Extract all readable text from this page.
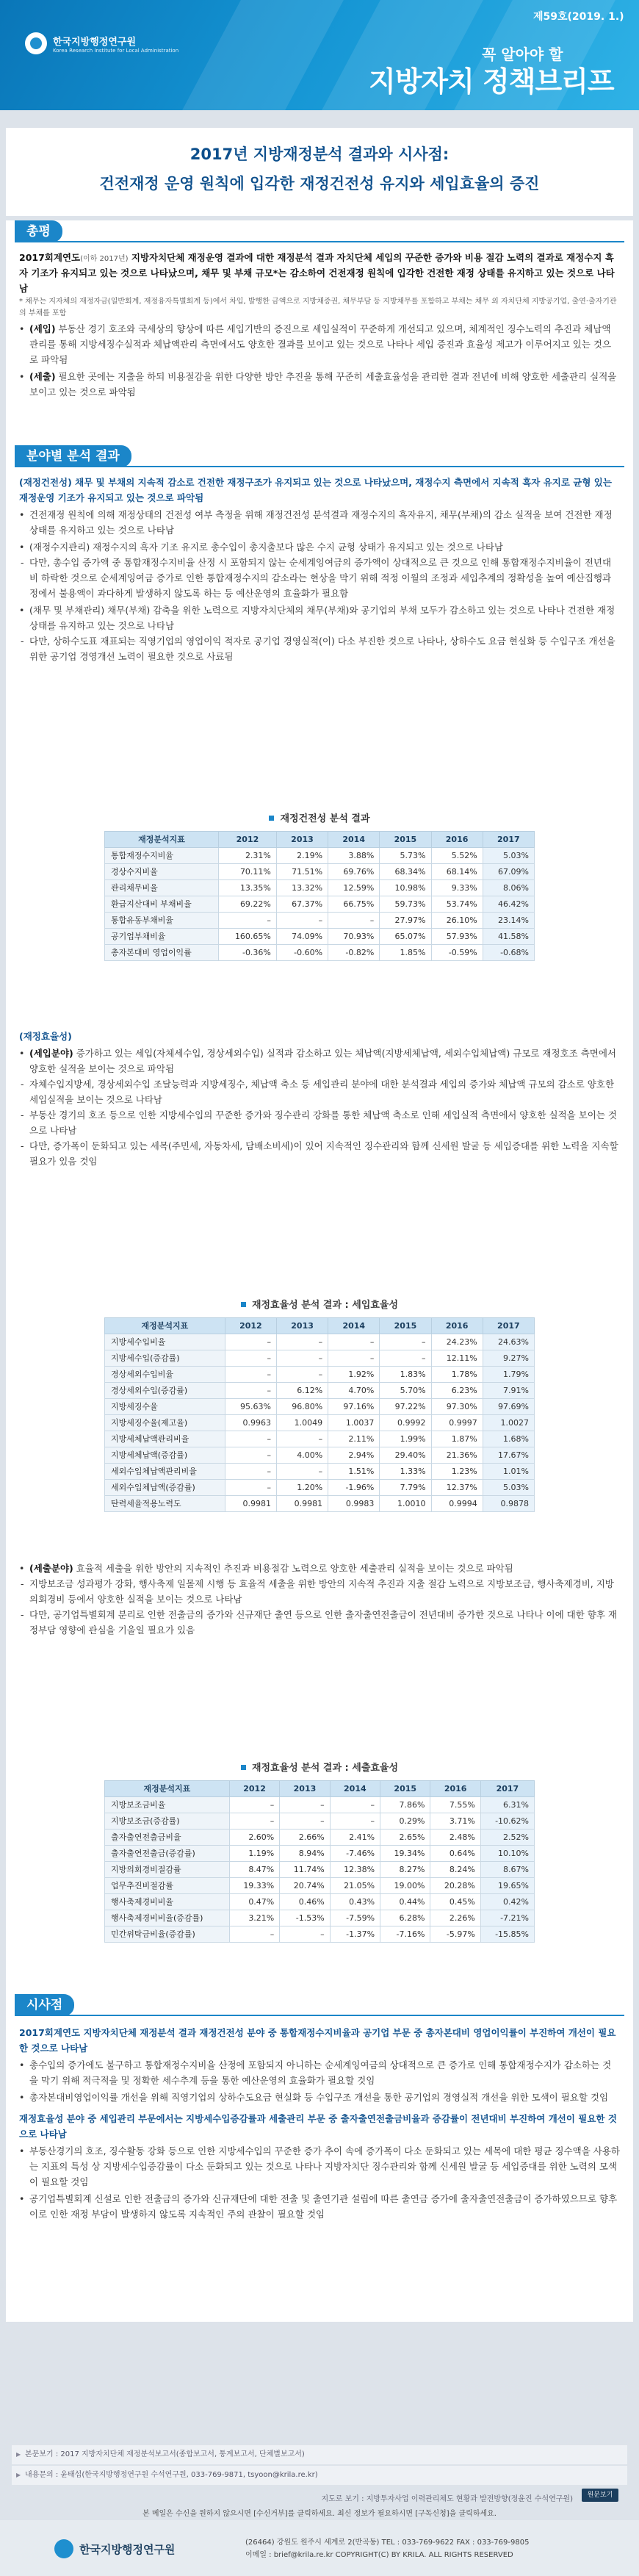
제59호(2019. 1.)
한국지방행정연구원
Korea Research Institute for Local Administration	꼭 알아야 할
지방자치 정책브리프
2017년 지방재정분석 결과와 시사점:
건전재정 운영 원칙에 입각한 재정건전성 유지와 세입효율의 증진
총평
2017회계연도(이하 2017년) 지방자치단체 재정운영 결과에 대한 재정분석 결과 자치단체 세입의 꾸준한 증가와 비용 절감 노력의 결과로 재정수지 흑자 기조가 유지되고 있는 것으로 나타났으며, 채무 및 부채 규모*는 감소하여 건전재정 원칙에 입각한 건전한 재정 상태를 유지하고 있는 것으로 나타남
* 채무는 지자체의 재정자금(일반회계, 재정융자특별회계 등)에서 차입, 발행한 금액으로 지방채증권, 채무부담 등 지방채무를 포함하고 부채는 채무 외 자치단체 지방공기업, 출연·출자기관의 부채를 포함
• (세입) 부동산 경기 호조와 국세상의 향상에 따른 세입기반의 증진으로 세입실적이 꾸준하게 개선되고 있으며, 체계적인 징수노력의 추진과 체납액 관리를 통해 지방세징수실적과 체납액관리 측면에서도 양호한 결과를 보이고 있는 것으로 나타나 세입 증진과 효율성 제고가 이루어지고 있는 것으로 파악됨
• (세출) 필요한 곳에는 지출을 하되 비용절감을 위한 다양한 방안 추진을 통해 꾸준히 세출효율성을 관리한 결과 전년에 비해 양호한 세출관리 실적을 보이고 있는 것으로 파악됨
분야별 분석 결과
(재정건전성) 채무 및 부채의 지속적 감소로 건전한 재정구조가 유지되고 있는 것으로 나타났으며, 재정수지 측면에서 지속적 흑자 유지로 균형 있는 재정운영 기조가 유지되고 있는 것으로 파악됨
• 건전재정 원칙에 의해 재정상태의 건전성 여부 측정을 위해 재정건전성 분석결과 재정수지의 흑자유지, 채무(부채)의 감소 실적을 보여 건전한 재정상태를 유지하고 있는 것으로 나타남
• (재정수지관리) 재정수지의 흑자 기조 유지로 총수입이 총지출보다 많은 수지 균형 상태가 유지되고 있는 것으로 나타남
- 다만, 총수입 증가액 중 통합재정수지비율 산정 시 포함되지 않는 순세계잉여금의 증가액이 상대적으로 큰 것으로 인해 통합재정수지비율이 전년대비 하락한 것으로 순세계잉여금 증가로 인한 통합재정수지의 감소라는 현상을 막기 위해 적정 이월의 조정과 세입추계의 정확성을 높여 예산집행과정에서 불용액이 과다하게 발생하지 않도록 하는 등 예산운영의 효율화가 필요함
• (채무 및 부채관리) 채무(부채) 감축을 위한 노력으로 지방자치단체의 채무(부채)와 공기업의 부채 모두가 감소하고 있는 것으로 나타나 건전한 재정상태를 유지하고 있는 것으로 나타남
- 다만, 상하수도표 재표되는 직영기업의 영업이익 적자로 공기업 경영실적(이) 다소 부진한 것으로 나타나, 상하수도 요금 현실화 등 수입구조 개선을 위한 공기업 경영개선 노력이 필요한 것으로 사료됨
재정건전성 분석 결과
재정분석지표	2012	2013	2014	2015	2016	2017
통합재정수지비율	2.31%	2.19%	3.88%	5.73%	5.52%	5.03%
경상수지비율	70.11%	71.51%	69.76%	68.34%	68.14%	67.09%
관리채무비율	13.35%	13.32%	12.59%	10.98%	9.33%	8.06%
환급지산대비 부채비율	69.22%	67.37%	66.75%	59.73%	53.74%	46.42%
통합유동부채비율	–	–	–	27.97%	26.10%	23.14%
공기업부채비율	160.65%	74.09%	70.93%	65.07%	57.93%	41.58%
총자본대비 영업이익률	-0.36%	-0.60%	-0.82%	1.85%	-0.59%	-0.68%
(재정효율성)
• (세입분야) 증가하고 있는 세입(자체세수입, 경상세외수입) 실적과 감소하고 있는 체납액(지방세체납액, 세외수입체납액) 규모로 재정호조 측면에서 양호한 실적을 보이는 것으로 파악됨
- 자체수입지방세, 경상세외수입 조달능력과 지방세징수, 체납액 축소 등 세입관리 분야에 대한 분석결과 세입의 증가와 체납액 규모의 감소로 양호한 세입실적을 보이는 것으로 나타남
- 부동산 경기의 호조 등으로 인한 지방세수입의 꾸준한 증가와 징수관리 강화를 통한 체납액 축소로 인해 세입실적 측면에서 양호한 실적을 보이는 것으로 나타남
- 다만, 증가폭이 둔화되고 있는 세목(주민세, 자동차세, 담배소비세)이 있어 지속적인 징수관리와 함께 신세원 발굴 등 세입증대를 위한 노력을 지속할 필요가 있음 것임
재정효율성 분석 결과 : 세입효율성
재정분석지표	2012	2013	2014	2015	2016	2017
지방세수입비율	–	–	–	–	24.23%	24.63%
지방세수입(증감률)	–	–	–	–	12.11%	9.27%
경상세외수입비율	–	–	1.92%	1.83%	1.78%	1.79%
경상세외수입(증감률)	–	6.12%	4.70%	5.70%	6.23%	7.91%
지방세징수율	95.63%	96.80%	97.16%	97.22%	97.30%	97.69%
지방세징수율(제고율)	0.9963	1.0049	1.0037	0.9992	0.9997	1.0027
지방세체납액관리비율	–	–	2.11%	1.99%	1.87%	1.68%
지방세체납액(증감률)	–	4.00%	2.94%	29.40%	21.36%	17.67%
세외수입체납액관리비율	–	–	1.51%	1.33%	1.23%	1.01%
세외수입체납액(증감률)	–	1.20%	-1.96%	7.79%	12.37%	5.03%
탄력세율적용노력도	0.9981	0.9981	0.9983	1.0010	0.9994	0.9878
• (세출분야) 효율적 세출을 위한 방안의 지속적인 추진과 비용절감 노력으로 양호한 세출관리 실적을 보이는 것으로 파악됨
- 지방보조금 성과평가 강화, 행사축제 일몰제 시행 등 효율적 세출을 위한 방안의 지속적 추진과 지출 절감 노력으로 지방보조금, 행사축제경비, 지방의회경비 등에서 양호한 실적을 보이는 것으로 나타남
- 다만, 공기업특별회계 분리로 인한 전출금의 증가와 신규재단 출연 등으로 인한 출자출연전출금이 전년대비 증가한 것으로 나타나 이에 대한 향후 재정부담 영향에 관심을 기울일 필요가 있음
재정효율성 분석 결과 : 세출효율성
재정분석지표	2012	2013	2014	2015	2016	2017
지방보조금비율	–	–	–	7.86%	7.55%	6.31%
지방보조금(증감률)	–	–	–	0.29%	3.71%	-10.62%
출자출연전출금비율	2.60%	2.66%	2.41%	2.65%	2.48%	2.52%
출자출연전출금(증감률)	1.19%	8.94%	-7.46%	19.34%	0.64%	10.10%
지방의회경비절감률	8.47%	11.74%	12.38%	8.27%	8.24%	8.67%
업무추진비절감률	19.33%	20.74%	21.05%	19.00%	20.28%	19.65%
행사축제경비비율	0.47%	0.46%	0.43%	0.44%	0.45%	0.42%
행사축제경비비율(증감률)	3.21%	-1.53%	-7.59%	6.28%	2.26%	-7.21%
민간위탁금비율(증감률)	–	–	-1.37%	-7.16%	-5.97%	-15.85%
시사점
2017회계연도 지방자치단체 재정분석 결과 재정건전성 분야 중 통합재정수지비율과 공기업 부문 중 총자본대비 영업이익률이 부진하여 개선이 필요한 것으로 나타남
• 총수입의 증가에도 불구하고 통합재정수지비율 산정에 포함되지 아니하는 순세계잉여금의 상대적으로 큰 증가로 인해 통합재정수지가 감소하는 것을 막기 위해 적극적을 및 정확한 세수추계 등을 통한 예산운영의 효율화가 필요할 것임
• 총자본대비영업이익률 개선을 위해 직영기업의 상하수도요금 현실화 등 수입구조 개선을 통한 공기업의 경영실적 개선을 위한 모색이 필요할 것임
재정효율성 분야 중 세입관리 부문에서는 지방세수입증감률과 세출관리 부문 중 출자출연전출금비율과 증감률이 전년대비 부진하여 개선이 필요한 것으로 나타남
• 부동산경기의 호조, 징수활동 강화 등으로 인한 지방세수입의 꾸준한 증가 추이 속에 증가폭이 다소 둔화되고 있는 세목에 대한 평균 징수액을 사용하는 지표의 특성 상 지방세수입증감률이 다소 둔화되고 있는 것으로 나타나 지방자치단 징수관리와 함께 신세원 발굴 등 세입증대를 위한 노력의 모색이 필요할 것임
• 공기업특별회계 신설로 인한 전출금의 증가와 신규재단에 대한 전출 및 출연기관 설립에 따른 출연금 증가에 출자출연전출금이 증가하였으므로 향후 이로 인한 재정 부담이 발생하지 않도록 지속적인 주의 관찰이 필요할 것임
▶ 본문보기 : 2017 지방자치단체 재정분석보고서(종합보고서, 통계보고서, 단체별보고서)
▶ 내용문의 : 윤태섭(한국지방행정연구원 수석연구원, 033-769-9871, tsyoon@krila.re.kr)
지도로 보기 : 지방투자사업 이력관리체도 현황과 발전방향(정윤진 수석연구원)	원문보기
본 메일은 수신을 원하지 않으시면 [수신거부]를 클릭하세요. 최신 정보가 필요하시면 [구독신청]을 클릭하세요.
한국지방행정연구원	(26464) 강원도 원주시 세계로 2(반곡동) TEL : 033-769-9622 FAX : 033-769-9805
이메일 : brief@krila.re.kr COPYRIGHT(C) BY KRILA. ALL RIGHTS RESERVED
